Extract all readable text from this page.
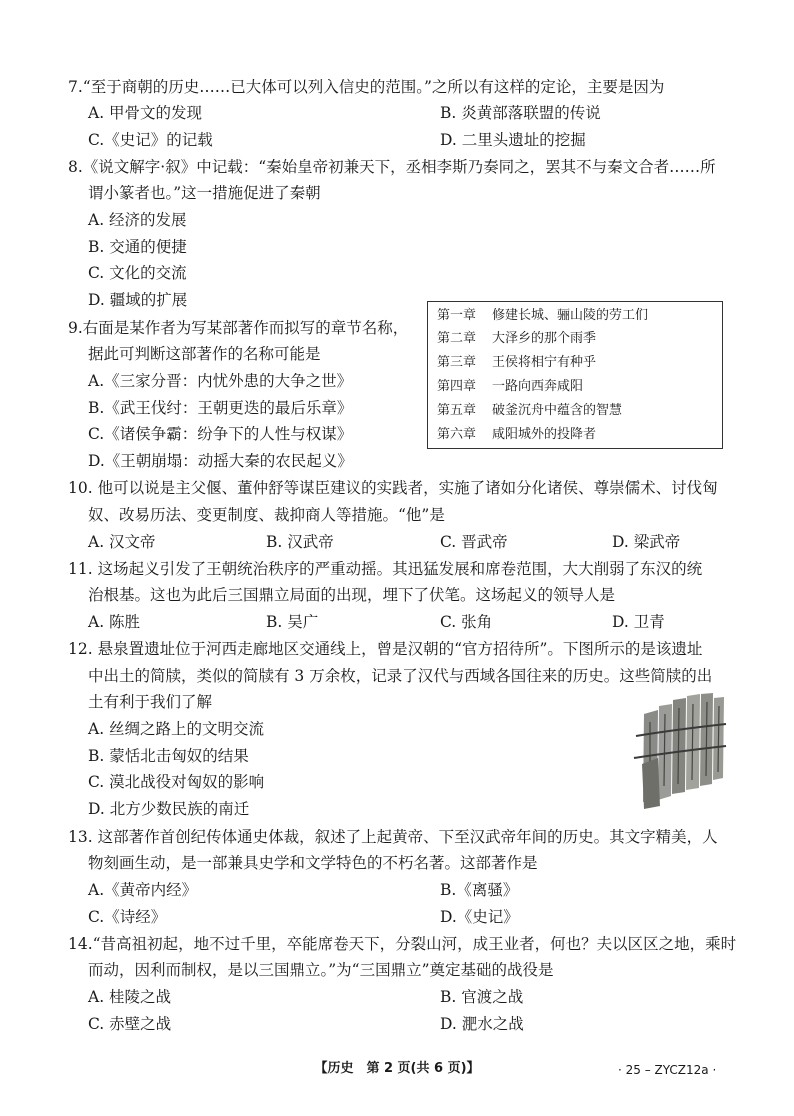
7.“至于商朝的历史……已大体可以列入信史的范围。”之所以有这样的定论，主要是因为
A. 甲骨文的发现	B. 炎黄部落联盟的传说
C.《史记》的记载	D. 二里头遗址的挖掘
8.《说文解字·叙》中记载：“秦始皇帝初兼天下，丞相李斯乃奏同之，罢其不与秦文合者……所
谓小篆者也。”这一措施促进了秦朝
A. 经济的发展
B. 交通的便捷
C. 文化的交流
D. 疆域的扩展
9.右面是某作者为写某部著作而拟写的章节名称，
据此可判断这部著作的名称可能是
A.《三家分晋：内忧外患的大争之世》
B.《武王伐纣：王朝更迭的最后乐章》
C.《诸侯争霸：纷争下的人性与权谋》
D.《王朝崩塌：动摇大秦的农民起义》
第一章 修建长城、骊山陵的劳工们
第二章 大泽乡的那个雨季
第三章 王侯将相宁有种乎
第四章 一路向西奔咸阳
第五章 破釜沉舟中蕴含的智慧
第六章 咸阳城外的投降者
10. 他可以说是主父偃、董仲舒等谋臣建议的实践者，实施了诸如分化诸侯、尊崇儒术、讨伐匈
奴、改易历法、变更制度、裁抑商人等措施。“他”是
A. 汉文帝	B. 汉武帝	C. 晋武帝	D. 梁武帝
11. 这场起义引发了王朝统治秩序的严重动摇。其迅猛发展和席卷范围，大大削弱了东汉的统
治根基。这也为此后三国鼎立局面的出现，埋下了伏笔。这场起义的领导人是
A. 陈胜	B. 吴广	C. 张角	D. 卫青
12. 悬泉置遗址位于河西走廊地区交通线上，曾是汉朝的“官方招待所”。下图所示的是该遗址
中出土的简牍，类似的简牍有 3 万余枚，记录了汉代与西域各国往来的历史。这些简牍的出
土有利于我们了解
A. 丝绸之路上的文明交流
B. 蒙恬北击匈奴的结果
C. 漠北战役对匈奴的影响
D. 北方少数民族的南迁
13. 这部著作首创纪传体通史体裁，叙述了上起黄帝、下至汉武帝年间的历史。其文字精美，人
物刻画生动，是一部兼具史学和文学特色的不朽名著。这部著作是
A.《黄帝内经》	B.《离骚》
C.《诗经》	D.《史记》
14.“昔高祖初起，地不过千里，卒能席卷天下，分裂山河，成王业者，何也？夫以区区之地，乘时
而动，因利而制权，是以三国鼎立。”为“三国鼎立”奠定基础的战役是
A. 桂陵之战	B. 官渡之战
C. 赤壁之战	D. 淝水之战
【历史　第 2 页(共 6 页)】	· 25 – ZYCZ12a ·
